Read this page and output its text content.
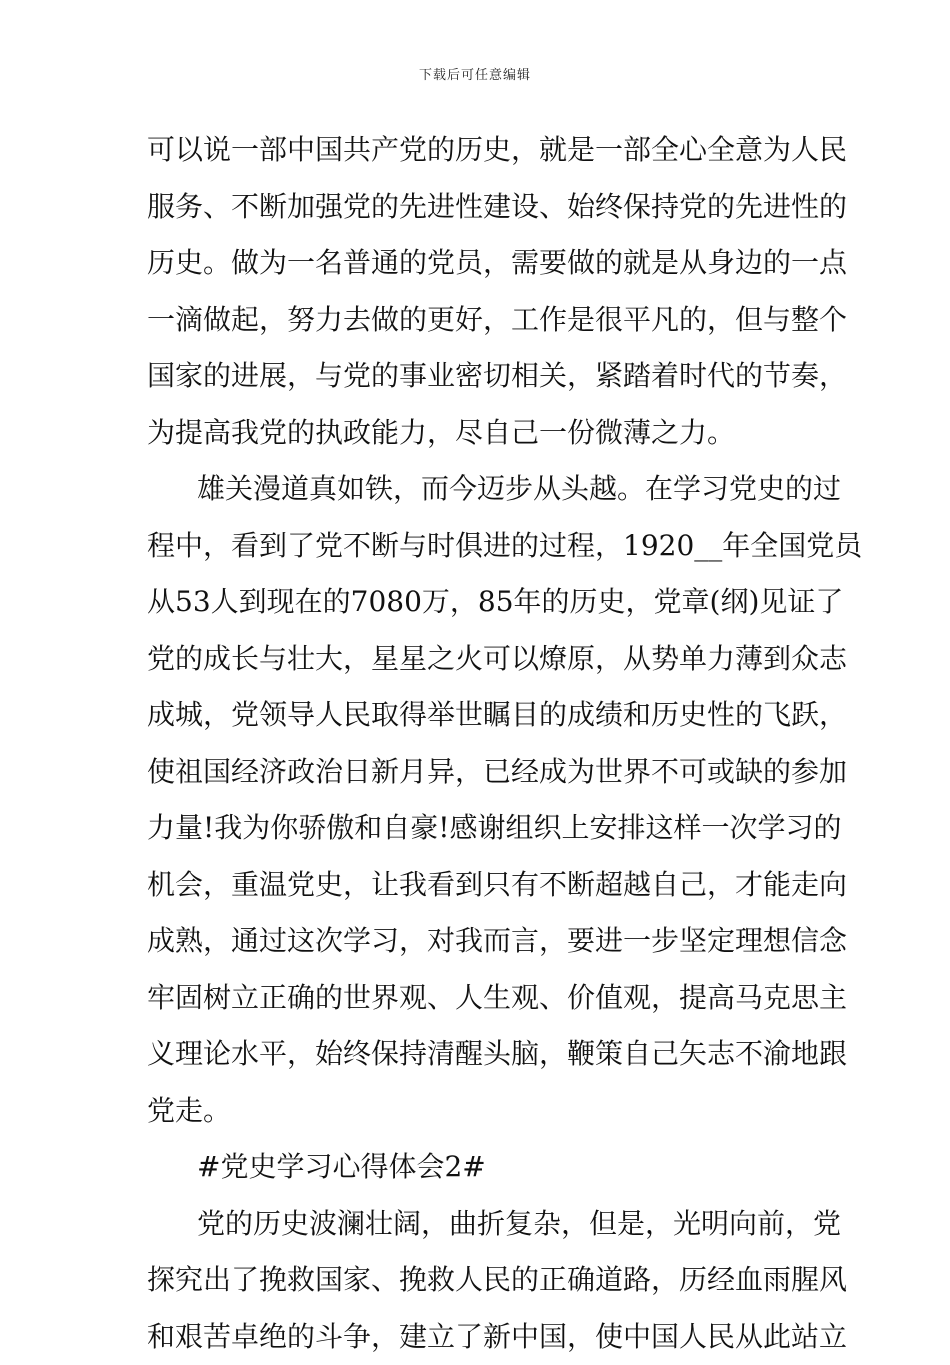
下载后可任意编辑
可以说一部中国共产党的历史，就是一部全心全意为人民
服务、不断加强党的先进性建设、始终保持党的先进性的
历史。做为一名普通的党员，需要做的就是从身边的一点
一滴做起，努力去做的更好，工作是很平凡的，但与整个
国家的进展，与党的事业密切相关，紧踏着时代的节奏，
为提高我党的执政能力，尽自己一份微薄之力。
雄关漫道真如铁，而今迈步从头越。在学习党史的过
程中，看到了党不断与时俱进的过程，1920__年全国党员
从53人到现在的7080万，85年的历史，党章(纲)见证了
党的成长与壮大，星星之火可以燎原，从势单力薄到众志
成城，党领导人民取得举世瞩目的成绩和历史性的飞跃，
使祖国经济政治日新月异，已经成为世界不可或缺的参加
力量!我为你骄傲和自豪!感谢组织上安排这样一次学习的
机会，重温党史，让我看到只有不断超越自己，才能走向
成熟，通过这次学习，对我而言，要进一步坚定理想信念
牢固树立正确的世界观、人生观、价值观，提高马克思主
义理论水平，始终保持清醒头脑，鞭策自己矢志不渝地跟
党走。
#党史学习心得体会2#
党的历史波澜壮阔，曲折复杂，但是，光明向前，党
探究出了挽救国家、挽救人民的正确道路，历经血雨腥风
和艰苦卓绝的斗争，建立了新中国，使中国人民从此站立
